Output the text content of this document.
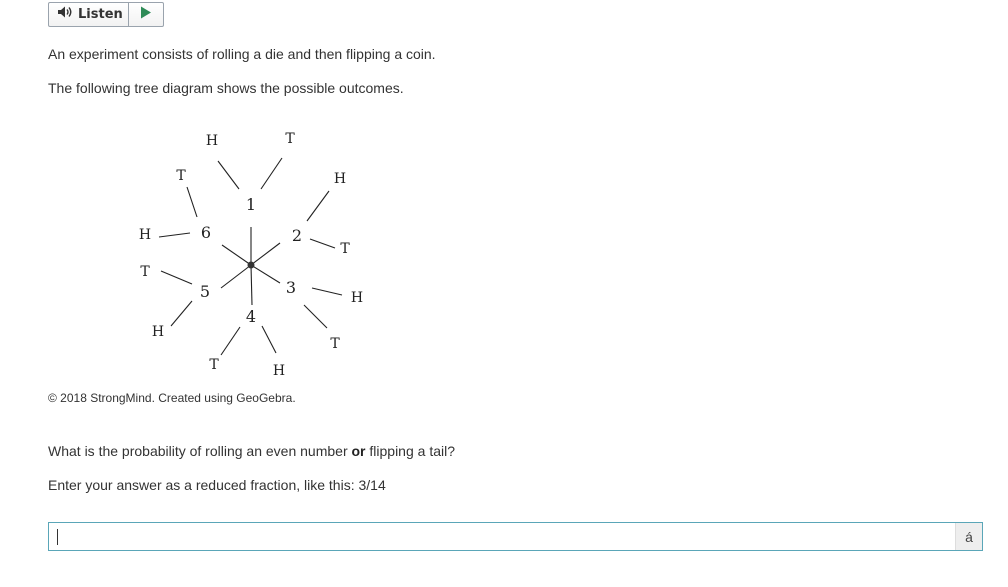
Listen
An experiment consists of rolling a die and then flipping a coin.
The following tree diagram shows the possible outcomes.
1
2
3
4
5
6
H	T
H
T
H
T
T	H
T
H
T
H
© 2018 StrongMind. Created using GeoGebra.
What is the probability of rolling an even number or flipping a tail?
Enter your answer as a reduced fraction, like this: 3/14
á
